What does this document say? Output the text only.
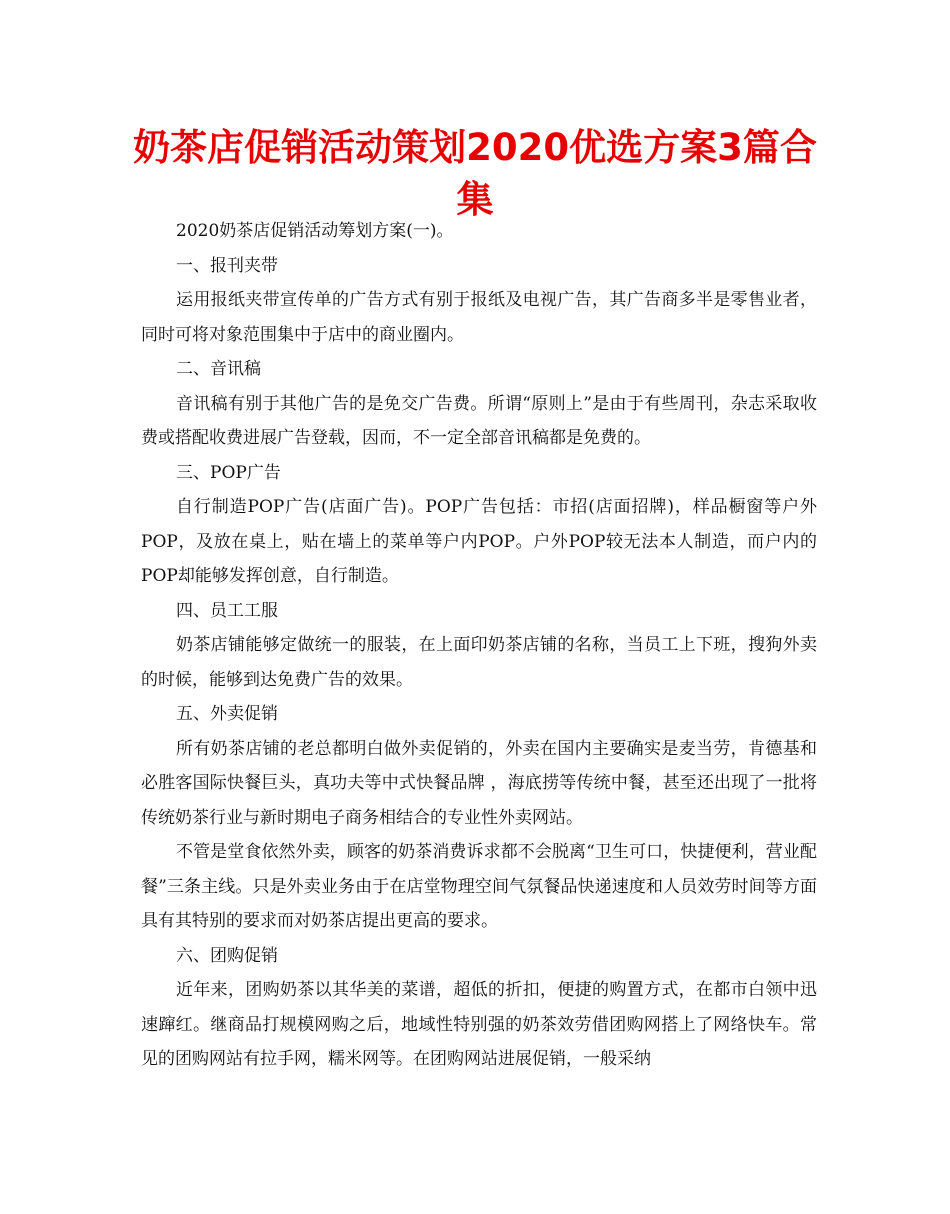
奶茶店促销活动策划2020优选方案3篇合集

2020奶茶店促销活动筹划方案(一)。

一、报刊夹带

运用报纸夹带宣传单的广告方式有别于报纸及电视广告，其广告商多半是零售业者，同时可将对象范围集中于店中的商业圈内。

二、音讯稿

音讯稿有别于其他广告的是免交广告费。所谓“原则上”是由于有些周刊，杂志采取收费或搭配收费进展广告登载，因而，不一定全部音讯稿都是免费的。

三、POP广告

自行制造POP广告(店面广告)。POP广告包括：市招(店面招牌)，样品橱窗等户外POP，及放在桌上，贴在墙上的菜单等户内POP。户外POP较无法本人制造，而户内的POP却能够发挥创意，自行制造。

四、员工工服

奶茶店铺能够定做统一的服装，在上面印奶茶店铺的名称，当员工上下班，搜狗外卖的时候，能够到达免费广告的效果。

五、外卖促销

所有奶茶店铺的老总都明白做外卖促销的，外卖在国内主要确实是麦当劳，肯德基和必胜客国际快餐巨头，真功夫等中式快餐品牌 ，海底捞等传统中餐，甚至还出现了一批将传统奶茶行业与新时期电子商务相结合的专业性外卖网站。

不管是堂食依然外卖，顾客的奶茶消费诉求都不会脱离“卫生可口，快捷便利，营业配餐”三条主线。只是外卖业务由于在店堂物理空间气氛餐品快递速度和人员效劳时间等方面具有其特别的要求而对奶茶店提出更高的要求。

六、团购促销

近年来，团购奶茶以其华美的菜谱，超低的折扣，便捷的购置方式，在都市白领中迅速蹿红。继商品打规模网购之后，地域性特别强的奶茶效劳借团购网搭上了网络快车。常见的团购网站有拉手网，糯米网等。在团购网站进展促销，一般采纳
